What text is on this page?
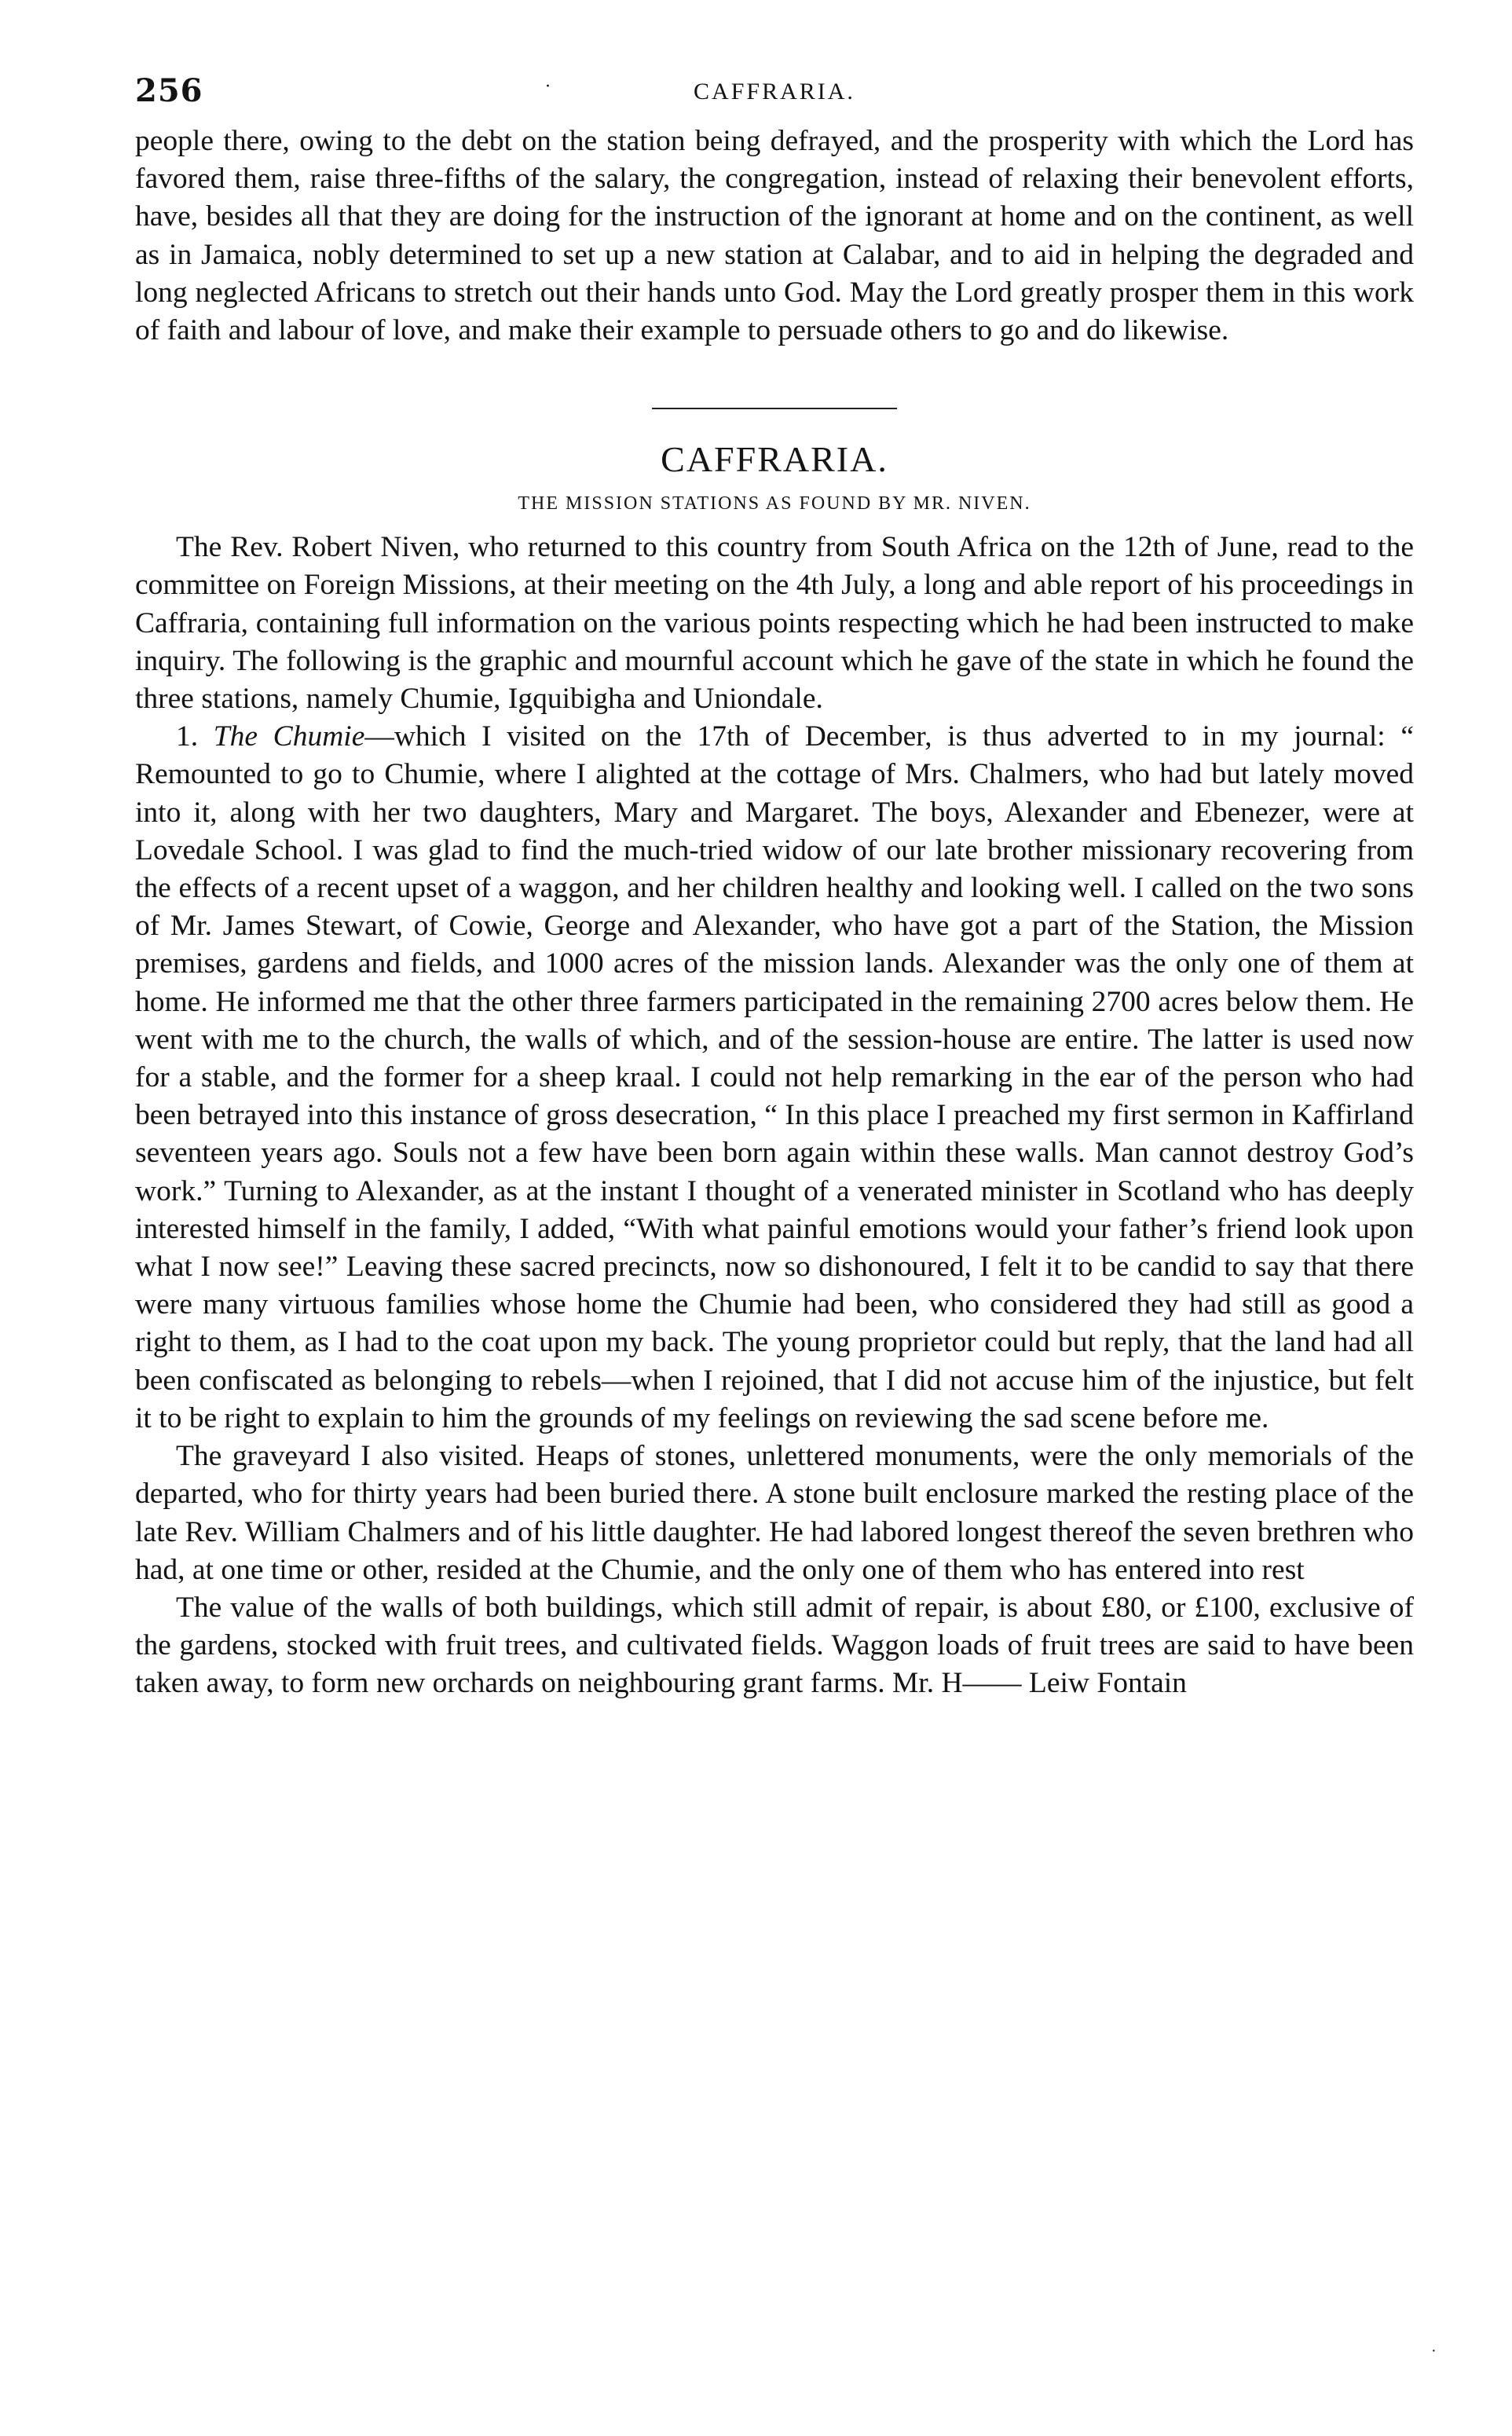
256	·	CAFFRARIA.

people there, owing to the debt on the station being defrayed, and the prosperity with which the Lord has favored them, raise three-fifths of the salary, the congregation, instead of relaxing their benevolent efforts, have, besides all that they are doing for the instruction of the ignorant at home and on the continent, as well as in Jamaica, nobly determined to set up a new station at Calabar, and to aid in helping the degraded and long neglected Africans to stretch out their hands unto God. May the Lord greatly prosper them in this work of faith and labour of love, and make their example to persuade others to go and do likewise.

CAFFRARIA.
THE MISSION STATIONS AS FOUND BY MR. NIVEN.

The Rev. Robert Niven, who returned to this country from South Africa on the 12th of June, read to the committee on Foreign Missions, at their meeting on the 4th July, a long and able report of his proceedings in Caffraria, containing full information on the various points respecting which he had been instructed to make inquiry. The following is the graphic and mournful account which he gave of the state in which he found the three stations, namely Chumie, Igquibigha and Uniondale.

1. The Chumie—which I visited on the 17th of December, is thus adverted to in my journal: “ Remounted to go to Chumie, where I alighted at the cottage of Mrs. Chalmers, who had but lately moved into it, along with her two daughters, Mary and Margaret. The boys, Alexander and Ebenezer, were at Lovedale School. I was glad to find the much-tried widow of our late brother missionary recovering from the effects of a recent upset of a waggon, and her children healthy and looking well. I called on the two sons of Mr. James Stewart, of Cowie, George and Alexander, who have got a part of the Station, the Mission premises, gardens and fields, and 1000 acres of the mission lands. Alexander was the only one of them at home. He informed me that the other three farmers participated in the remaining 2700 acres below them. He went with me to the church, the walls of which, and of the session-house are entire. The latter is used now for a stable, and the former for a sheep kraal. I could not help remarking in the ear of the person who had been betrayed into this instance of gross desecration, “ In this place I preached my first sermon in Kaffirland seventeen years ago. Souls not a few have been born again within these walls. Man cannot destroy God’s work.” Turning to Alexander, as at the instant I thought of a venerated minister in Scotland who has deeply interested himself in the family, I added, “With what painful emotions would your father’s friend look upon what I now see!” Leaving these sacred precincts, now so dishonoured, I felt it to be candid to say that there were many virtuous families whose home the Chumie had been, who considered they had still as good a right to them, as I had to the coat upon my back. The young proprietor could but reply, that the land had all been confiscated as belonging to rebels—when I rejoined, that I did not accuse him of the injustice, but felt it to be right to explain to him the grounds of my feelings on reviewing the sad scene before me.

The graveyard I also visited. Heaps of stones, unlettered monuments, were the only memorials of the departed, who for thirty years had been buried there. A stone built enclosure marked the resting place of the late Rev. William Chalmers and of his little daughter. He had labored longest thereof the seven brethren who had, at one time or other, resided at the Chumie, and the only one of them who has entered into rest

The value of the walls of both buildings, which still admit of repair, is about £80, or £100, exclusive of the gardens, stocked with fruit trees, and cultivated fields. Waggon loads of fruit trees are said to have been taken away, to form new orchards on neighbouring grant farms. Mr. H—— Leiw Fontain

·
